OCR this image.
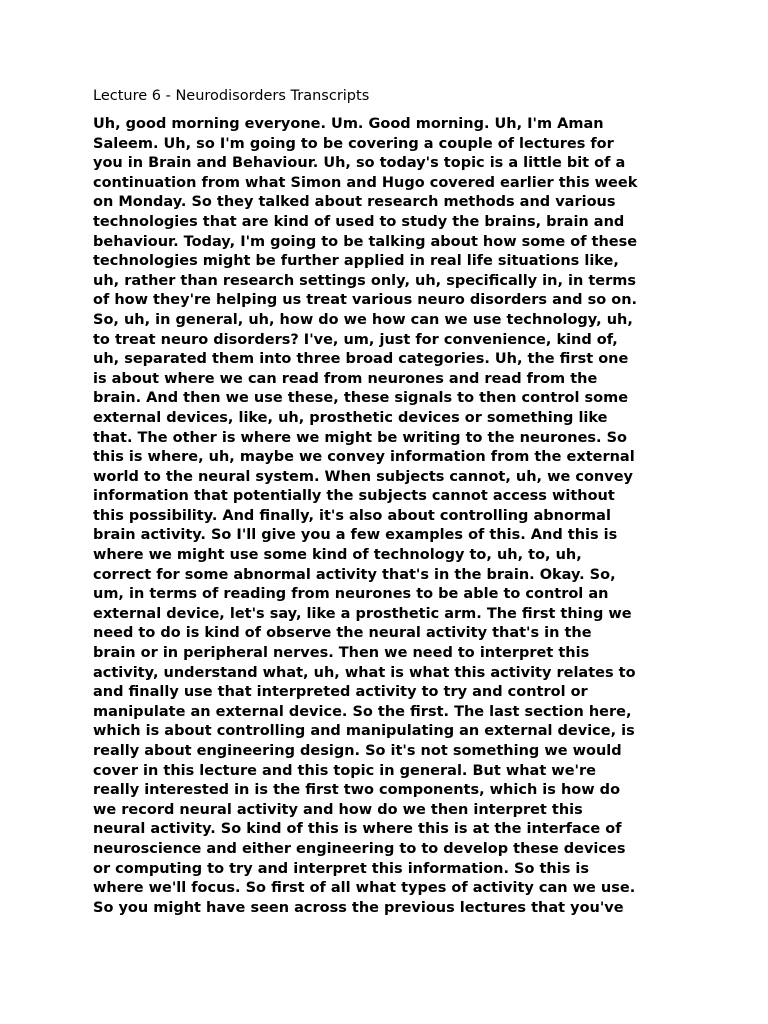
Lecture 6 - Neurodisorders Transcripts
Uh, good morning everyone. Um. Good morning. Uh, I'm Aman
Saleem. Uh, so I'm going to be covering a couple of lectures for
you in Brain and Behaviour. Uh, so today's topic is a little bit of a
continuation from what Simon and Hugo covered earlier this week
on Monday. So they talked about research methods and various
technologies that are kind of used to study the brains, brain and
behaviour. Today, I'm going to be talking about how some of these
technologies might be further applied in real life situations like,
uh, rather than research settings only, uh, specifically in, in terms
of how they're helping us treat various neuro disorders and so on.
So, uh, in general, uh, how do we how can we use technology, uh,
to treat neuro disorders? I've, um, just for convenience, kind of,
uh, separated them into three broad categories. Uh, the first one
is about where we can read from neurones and read from the
brain. And then we use these, these signals to then control some
external devices, like, uh, prosthetic devices or something like
that. The other is where we might be writing to the neurones. So
this is where, uh, maybe we convey information from the external
world to the neural system. When subjects cannot, uh, we convey
information that potentially the subjects cannot access without
this possibility. And finally, it's also about controlling abnormal
brain activity. So I'll give you a few examples of this. And this is
where we might use some kind of technology to, uh, to, uh,
correct for some abnormal activity that's in the brain. Okay. So,
um, in terms of reading from neurones to be able to control an
external device, let's say, like a prosthetic arm. The first thing we
need to do is kind of observe the neural activity that's in the
brain or in peripheral nerves. Then we need to interpret this
activity, understand what, uh, what is what this activity relates to
and finally use that interpreted activity to try and control or
manipulate an external device. So the first. The last section here,
which is about controlling and manipulating an external device, is
really about engineering design. So it's not something we would
cover in this lecture and this topic in general. But what we're
really interested in is the first two components, which is how do
we record neural activity and how do we then interpret this
neural activity. So kind of this is where this is at the interface of
neuroscience and either engineering to to develop these devices
or computing to try and interpret this information. So this is
where we'll focus. So first of all what types of activity can we use.
So you might have seen across the previous lectures that you've
